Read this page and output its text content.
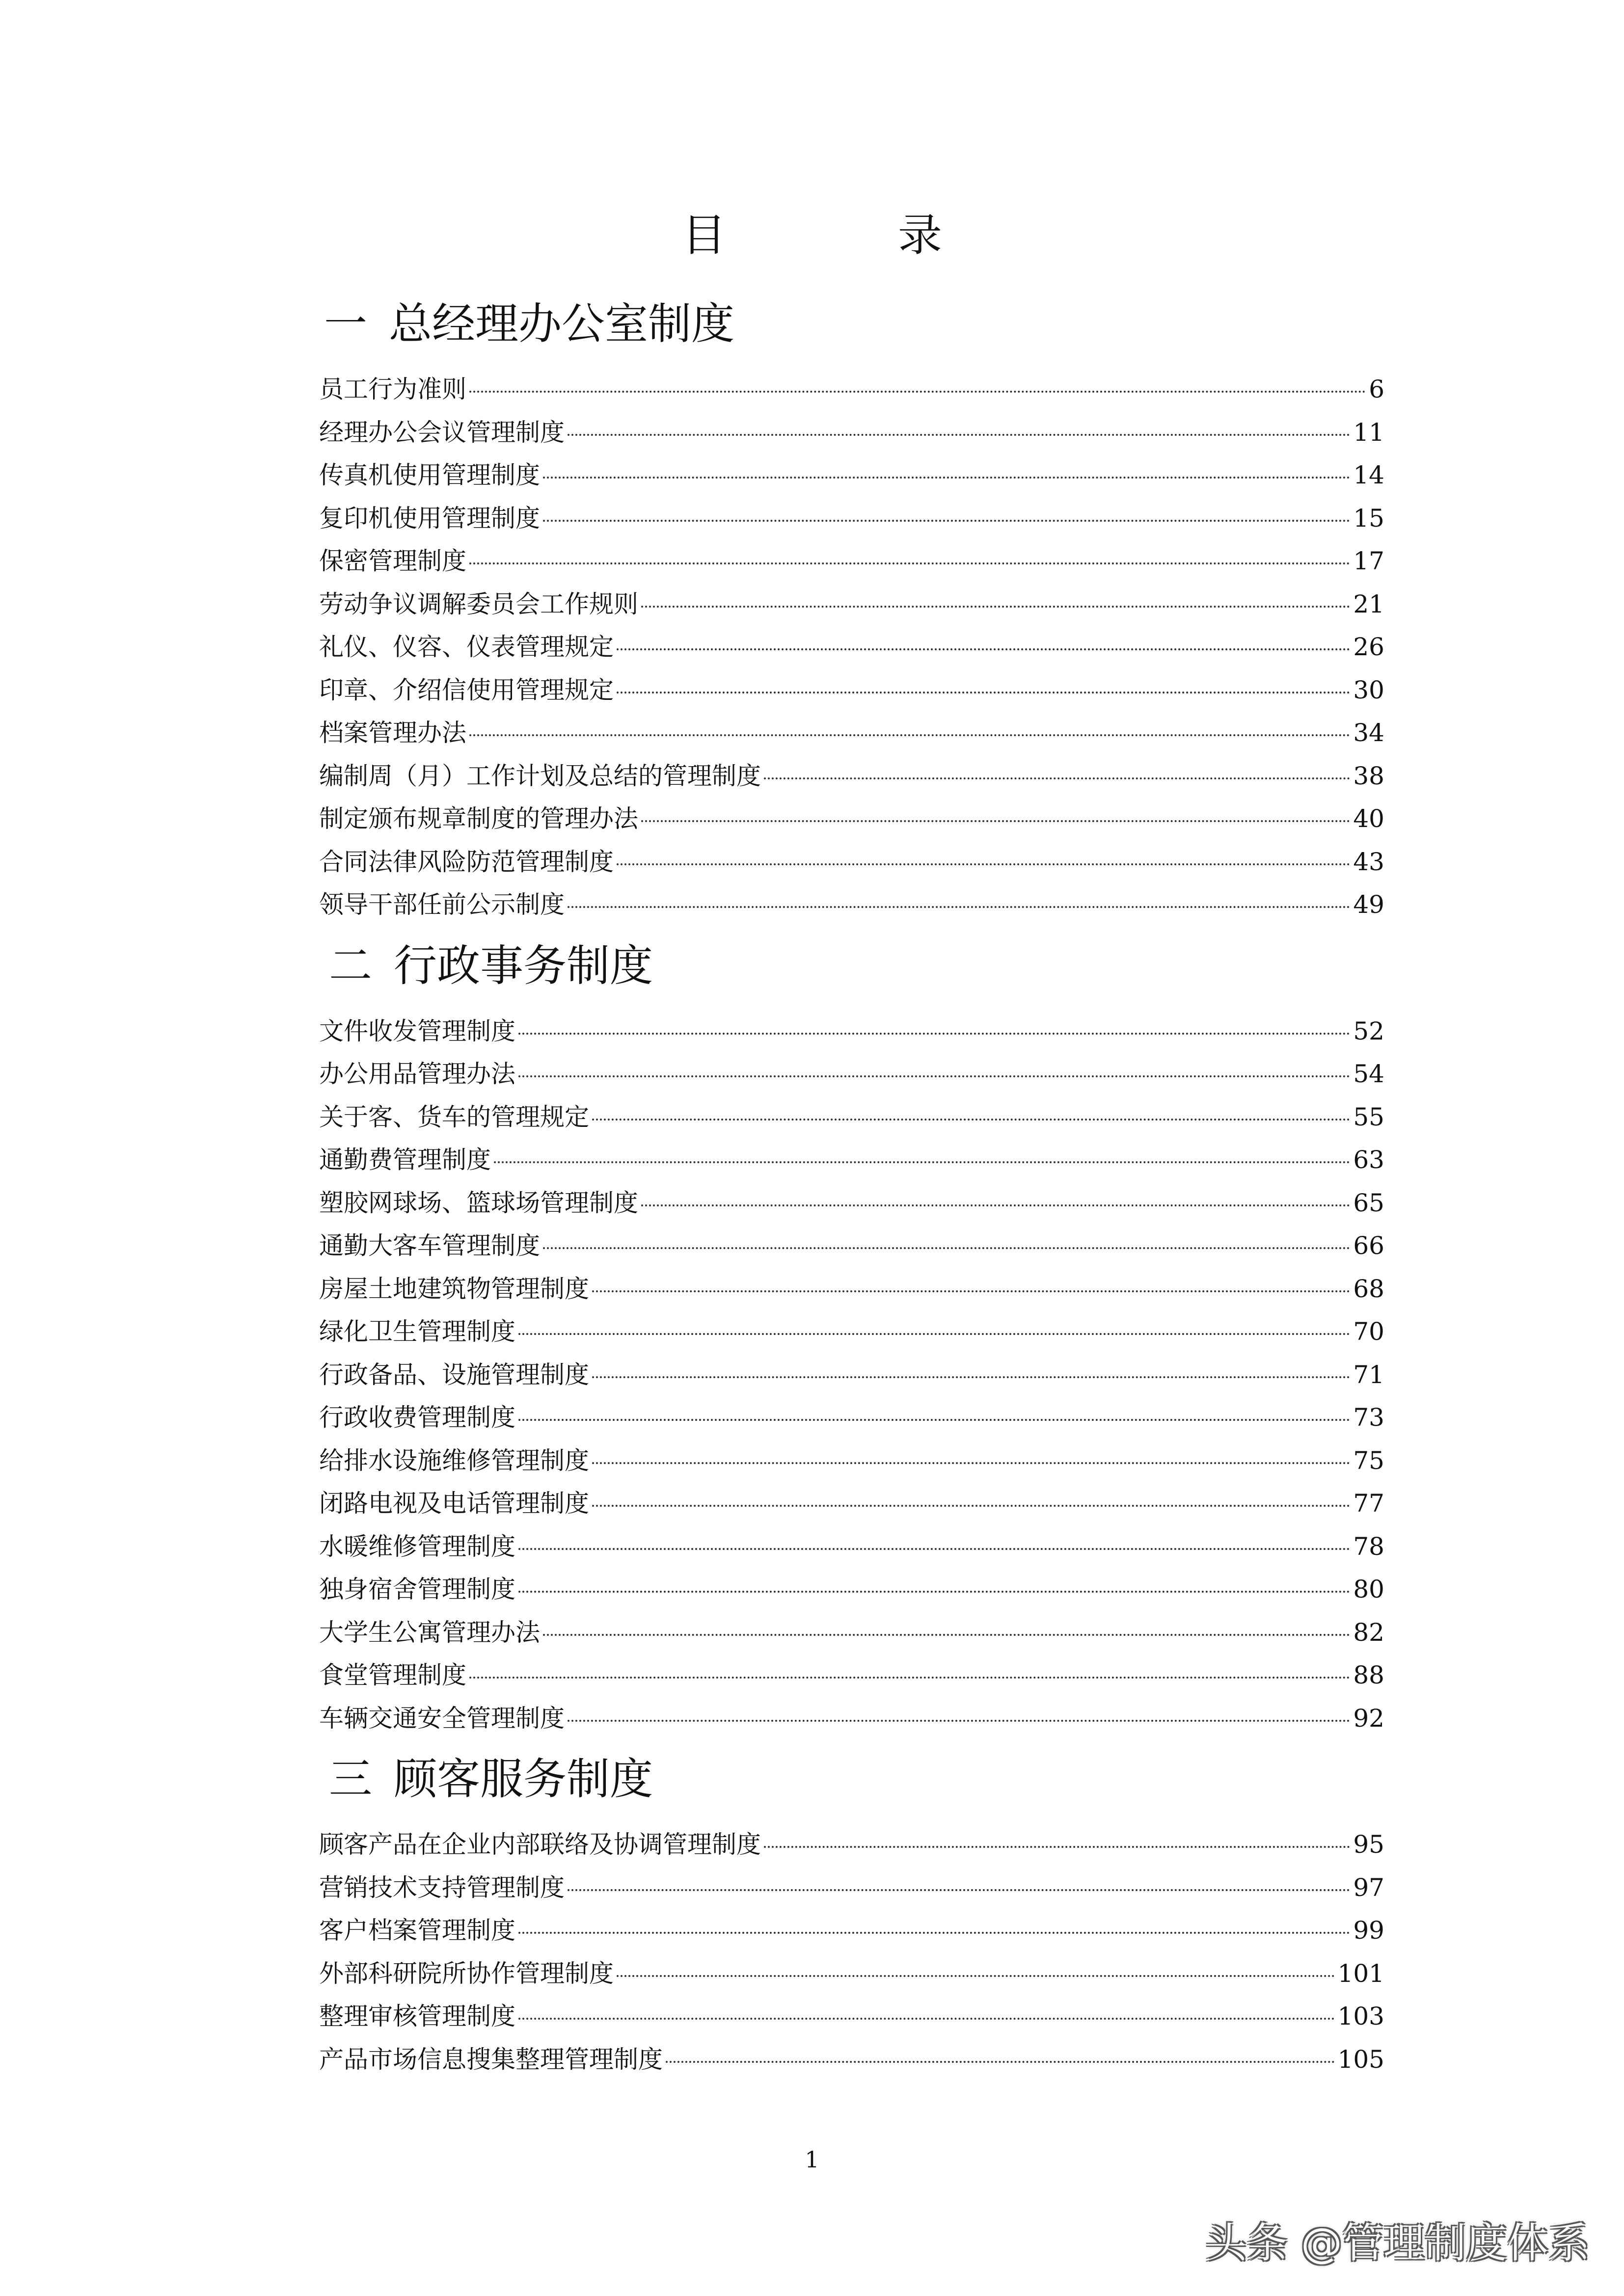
目　录
一 总经理办公室制度
员工行为准则	6
经理办公会议管理制度	11
传真机使用管理制度	14
复印机使用管理制度	15
保密管理制度	17
劳动争议调解委员会工作规则	21
礼仪、仪容、仪表管理规定	26
印章、介绍信使用管理规定	30
档案管理办法	34
编制周（月）工作计划及总结的管理制度	38
制定颁布规章制度的管理办法	40
合同法律风险防范管理制度	43
领导干部任前公示制度	49
二 行政事务制度
文件收发管理制度	52
办公用品管理办法	54
关于客、货车的管理规定	55
通勤费管理制度	63
塑胶网球场、篮球场管理制度	65
通勤大客车管理制度	66
房屋土地建筑物管理制度	68
绿化卫生管理制度	70
行政备品、设施管理制度	71
行政收费管理制度	73
给排水设施维修管理制度	75
闭路电视及电话管理制度	77
水暖维修管理制度	78
独身宿舍管理制度	80
大学生公寓管理办法	82
食堂管理制度	88
车辆交通安全管理制度	92
三 顾客服务制度
顾客产品在企业内部联络及协调管理制度	95
营销技术支持管理制度	97
客户档案管理制度	99
外部科研院所协作管理制度	101
整理审核管理制度	103
产品市场信息搜集整理管理制度	105
1
头条 @管理制度体系
